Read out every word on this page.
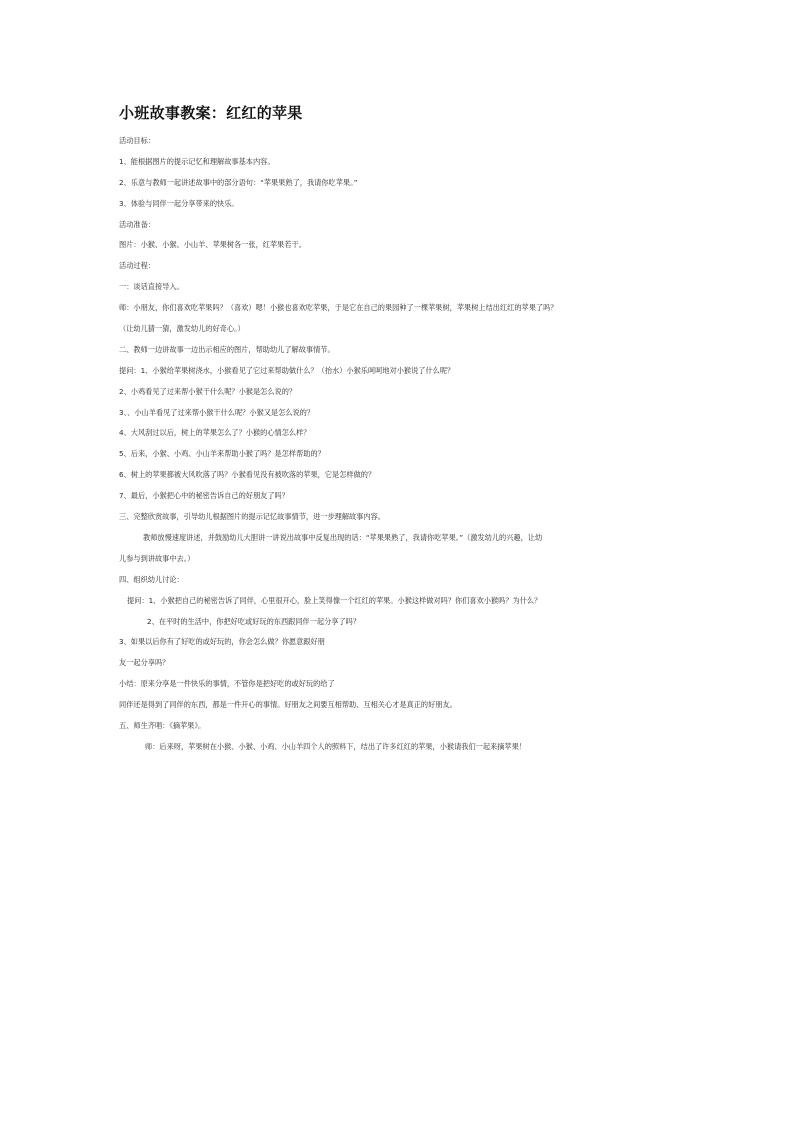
小班故事教案：红红的苹果
活动目标：
1、能根据图片的提示记忆和理解故事基本内容。
2、乐意与教师一起讲述故事中的部分语句：“苹果果熟了，我请你吃苹果。”
3、体验与同伴一起分享带来的快乐。
活动准备：
图片：小猴、小猴、小山羊、苹果树各一张，红苹果若干。
活动过程：
一：谈话直接导入。
师：小朋友，你们喜欢吃苹果吗？（喜欢）嗯！小猴也喜欢吃苹果，于是它在自己的果园种了一棵苹果树，苹果树上结出红红的苹果了吗？
（让幼儿猜一猜，激发幼儿的好奇心。）
二、教师一边讲故事一边出示相应的图片，帮助幼儿了解故事情节。
提问：1、小猴给苹果树浇水，小猴看见了它过来帮助做什么？（抬水）小猴乐呵呵地对小猴说了什么呢？
2、小鸡看见了过来帮小猴干什么呢？小猴是怎么说的？
3、、小山羊看见了过来帮小猴干什么呢？小猴又是怎么说的？
4、大风刮过以后，树上的苹果怎么了？小猴的心情怎么样？
5、后来，小猴、小鸡、小山羊来帮助小猴了吗？是怎样帮助的？
6、树上的苹果都被大风吹落了吗？小猴看见没有被吹落的苹果，它是怎样做的？
7、最后，小猴把心中的秘密告诉自己的好朋友了吗？
三、完整欣赏故事，引导幼儿根据图片的提示记忆故事情节，进一步理解故事内容。
教师放慢速度讲述，并鼓励幼儿大胆讲一讲说出故事中反复出现的话：“苹果果熟了，我请你吃苹果。”（激发幼儿的兴趣，让幼
儿参与到讲故事中去。）
四、组织幼儿讨论：
提问：1、小猴把自己的秘密告诉了同伴，心里很开心，脸上笑得像一个红红的苹果。小猴这样做对吗？你们喜欢小猴吗？为什么？
2、在平时的生活中，你把好吃或好玩的东西跟同伴一起分享了吗？
3、如果以后你有了好吃的或好玩的，你会怎么做？你愿意跟好朋
友一起分享吗？
小结：原来分享是一件快乐的事情，不管你是把好吃的或好玩的给了
同伴还是得到了同伴的东西，都是一件开心的事情。好朋友之间要互相帮助、互相关心才是真正的好朋友。
五、师生齐唱：《摘苹果》。
师：后来呀，苹果树在小猴、小猴、小鸡、小山羊四个人的照料下，结出了许多红红的苹果，小猴请我们一起来摘苹果！
